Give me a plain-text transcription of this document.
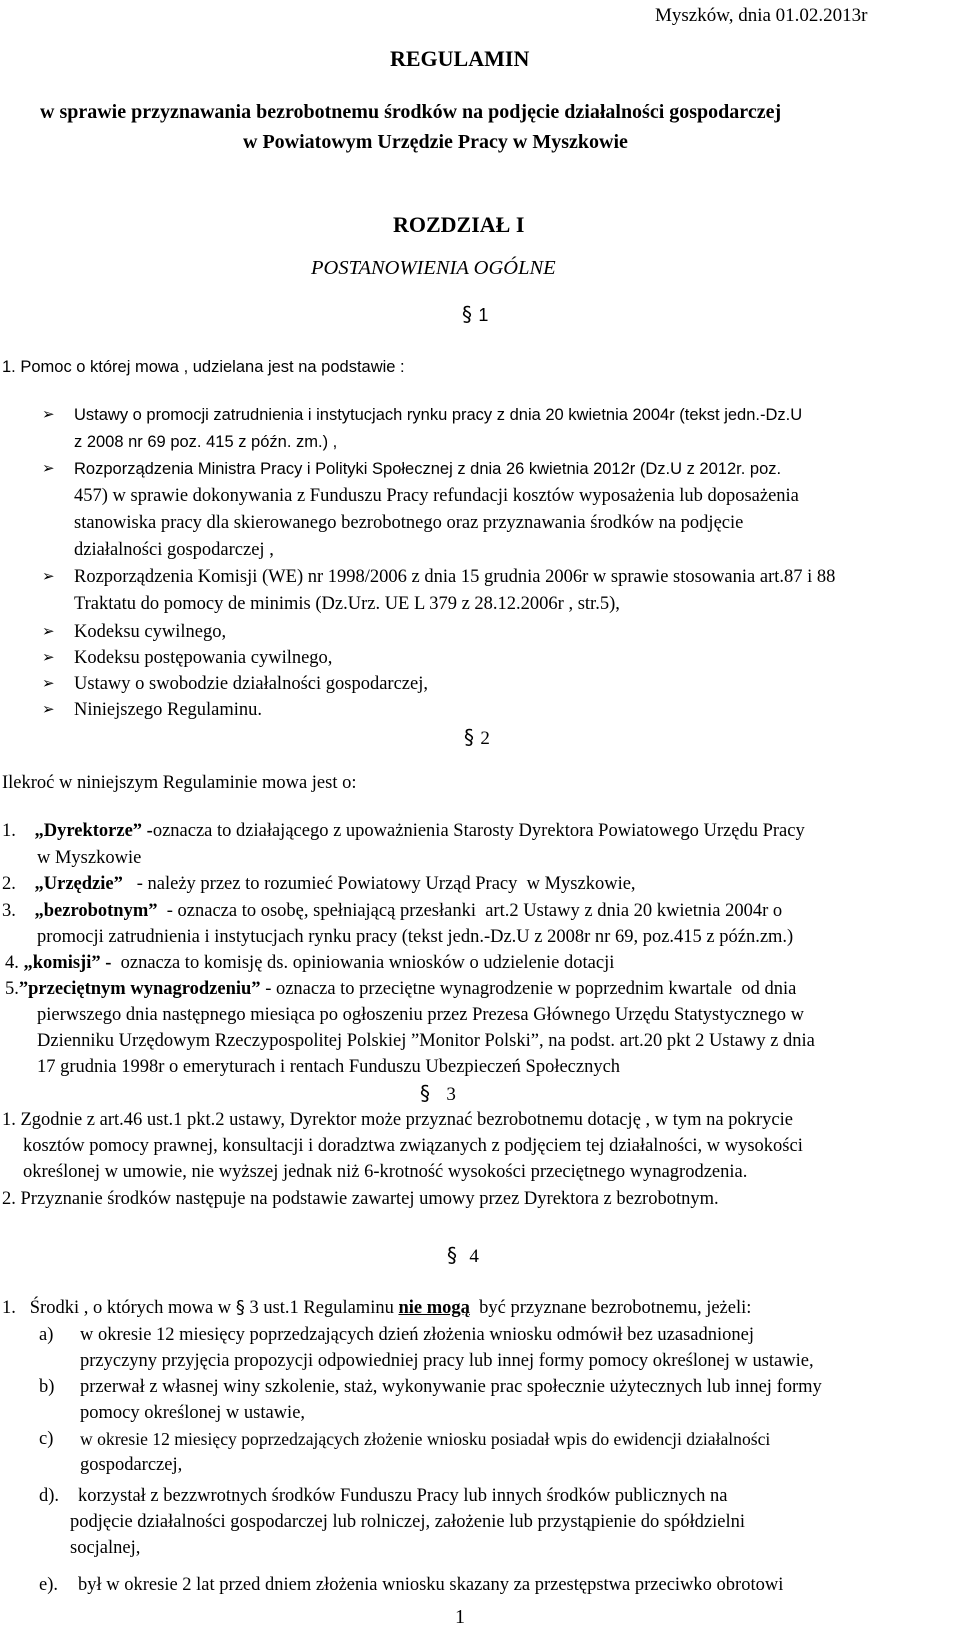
Myszków, dnia 01.02.2013r
REGULAMIN
w sprawie przyznawania bezrobotnemu środków na podjęcie działalności gospodarczej
w Powiatowym Urzędzie Pracy w Myszkowie
ROZDZIAŁ I
POSTANOWIENIA OGÓLNE
§ 1
1. Pomoc o której mowa , udzielana jest na podstawie :
➢ Ustawy o promocji zatrudnienia i instytucjach rynku pracy z dnia 20 kwietnia 2004r (tekst jedn.-Dz.U
z 2008 nr 69 poz. 415 z późn. zm.) ,
➢ Rozporządzenia Ministra Pracy i Polityki Społecznej z dnia 26 kwietnia 2012r (Dz.U z 2012r. poz.
457) w sprawie dokonywania z Funduszu Pracy refundacji kosztów wyposażenia lub doposażenia
stanowiska pracy dla skierowanego bezrobotnego oraz przyznawania środków na podjęcie
działalności gospodarczej ,
➢ Rozporządzenia Komisji (WE) nr 1998/2006 z dnia 15 grudnia 2006r w sprawie stosowania art.87 i 88
Traktatu do pomocy de minimis (Dz.Urz. UE L 379 z 28.12.2006r , str.5),
➢ Kodeksu cywilnego,
➢ Kodeksu postępowania cywilnego,
➢ Ustawy o swobodzie działalności gospodarczej,
➢ Niniejszego Regulaminu.
§ 2
Ilekroć w niniejszym Regulaminie mowa jest o:
1. „Dyrektorze” -oznacza to działającego z upoważnienia Starosty Dyrektora Powiatowego Urzędu Pracy
w Myszkowie
2. „Urzędzie”   - należy przez to rozumieć Powiatowy Urząd Pracy  w Myszkowie,
3. „bezrobotnym”  - oznacza to osobę, spełniającą przesłanki  art.2 Ustawy z dnia 20 kwietnia 2004r o
promocji zatrudnienia i instytucjach rynku pracy (tekst jedn.-Dz.U z 2008r nr 69, poz.415 z późn.zm.)
4. „komisji” -  oznacza to komisję ds. opiniowania wniosków o udzielenie dotacji
5.”przeciętnym wynagrodzeniu” - oznacza to przeciętne wynagrodzenie w poprzednim kwartale  od dnia
pierwszego dnia następnego miesiąca po ogłoszeniu przez Prezesa Głównego Urzędu Statystycznego w
Dzienniku Urzędowym Rzeczypospolitej Polskiej ”Monitor Polski”, na podst. art.20 pkt 2 Ustawy z dnia
17 grudnia 1998r o emeryturach i rentach Funduszu Ubezpieczeń Społecznych
§ 3
1. Zgodnie z art.46 ust.1 pkt.2 ustawy, Dyrektor może przyznać bezrobotnemu dotację , w tym na pokrycie
kosztów pomocy prawnej, konsultacji i doradztwa związanych z podjęciem tej działalności, w wysokości
określonej w umowie, nie wyższej jednak niż 6-krotność wysokości przeciętnego wynagrodzenia.
2. Przyznanie środków następuje na podstawie zawartej umowy przez Dyrektora z bezrobotnym.
§ 4
1.   Środki , o których mowa w § 3 ust.1 Regulaminu nie mogą  być przyznane bezrobotnemu, jeżeli:
a) w okresie 12 miesięcy poprzedzających dzień złożenia wniosku odmówił bez uzasadnionej
przyczyny przyjęcia propozycji odpowiedniej pracy lub innej formy pomocy określonej w ustawie,
b) przerwał z własnej winy szkolenie, staż, wykonywanie prac społecznie użytecznych lub innej formy
pomocy określonej w ustawie,
c) w okresie 12 miesięcy poprzedzających złożenie wniosku posiadał wpis do ewidencji działalności
gospodarczej,
d). korzystał z bezzwrotnych środków Funduszu Pracy lub innych środków publicznych na
podjęcie działalności gospodarczej lub rolniczej, założenie lub przystąpienie do spółdzielni
socjalnej,
e). był w okresie 2 lat przed dniem złożenia wniosku skazany za przestępstwa przeciwko obrotowi
1
